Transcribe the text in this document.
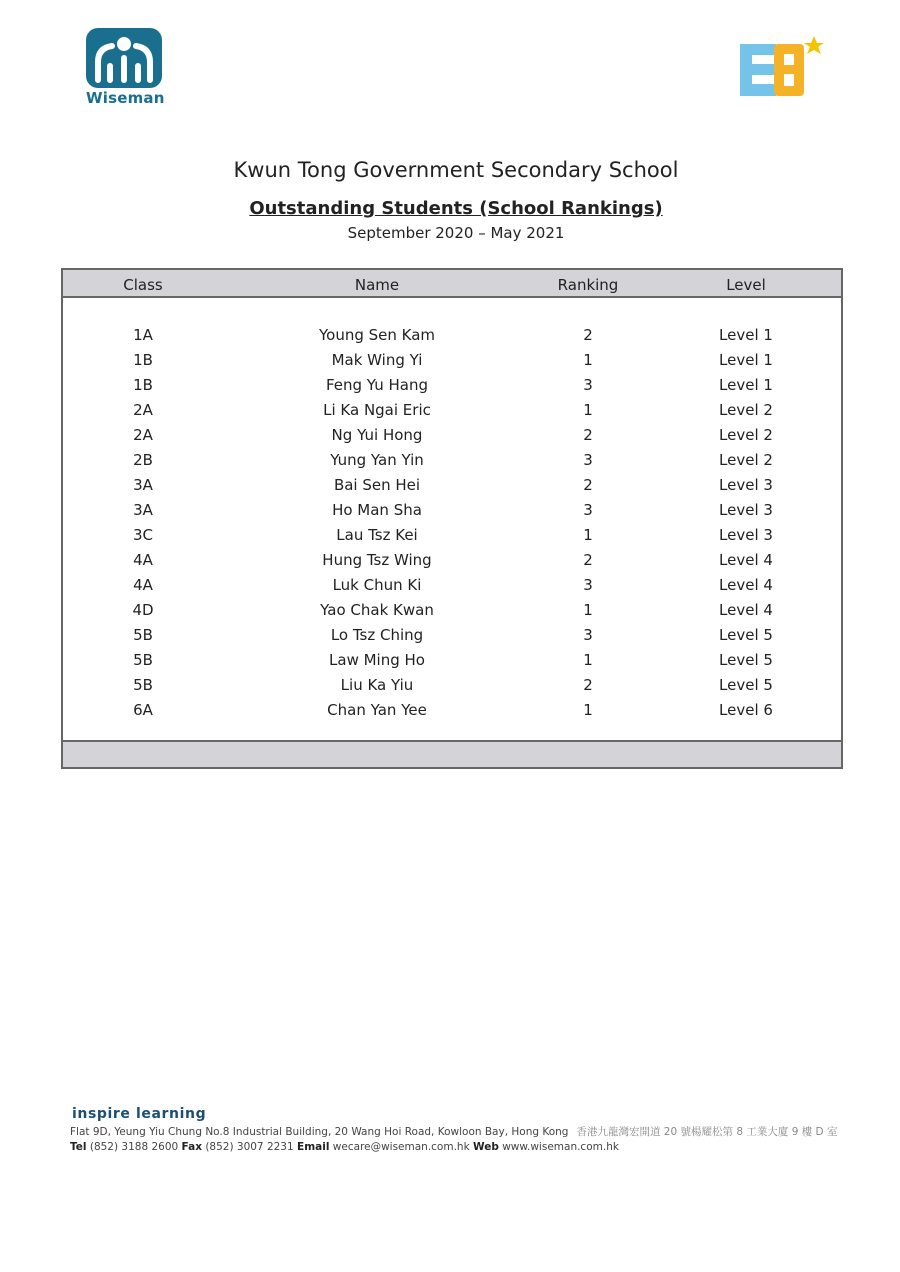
Wiseman
Kwun Tong Government Secondary School
Outstanding Students (School Rankings)
September 2020 – May 2021
Class	Name	Ranking	Level
1A	Young Sen Kam	2	Level 1
1B	Mak Wing Yi	1	Level 1
1B	Feng Yu Hang	3	Level 1
2A	Li Ka Ngai Eric	1	Level 2
2A	Ng Yui Hong	2	Level 2
2B	Yung Yan Yin	3	Level 2
3A	Bai Sen Hei	2	Level 3
3A	Ho Man Sha	3	Level 3
3C	Lau Tsz Kei	1	Level 3
4A	Hung Tsz Wing	2	Level 4
4A	Luk Chun Ki	3	Level 4
4D	Yao Chak Kwan	1	Level 4
5B	Lo Tsz Ching	3	Level 5
5B	Law Ming Ho	1	Level 5
5B	Liu Ka Yiu	2	Level 5
6A	Chan Yan Yee	1	Level 6
inspire learning
Flat 9D, Yeung Yiu Chung No.8 Industrial Building, 20 Wang Hoi Road, Kowloon Bay, Hong Kong 香港九龍灣宏開道 20 號楊耀松第 8 工業大廈 9 樓 D 室
Tel (852) 3188 2600 Fax (852) 3007 2231 Email wecare@wiseman.com.hk Web www.wiseman.com.hk
